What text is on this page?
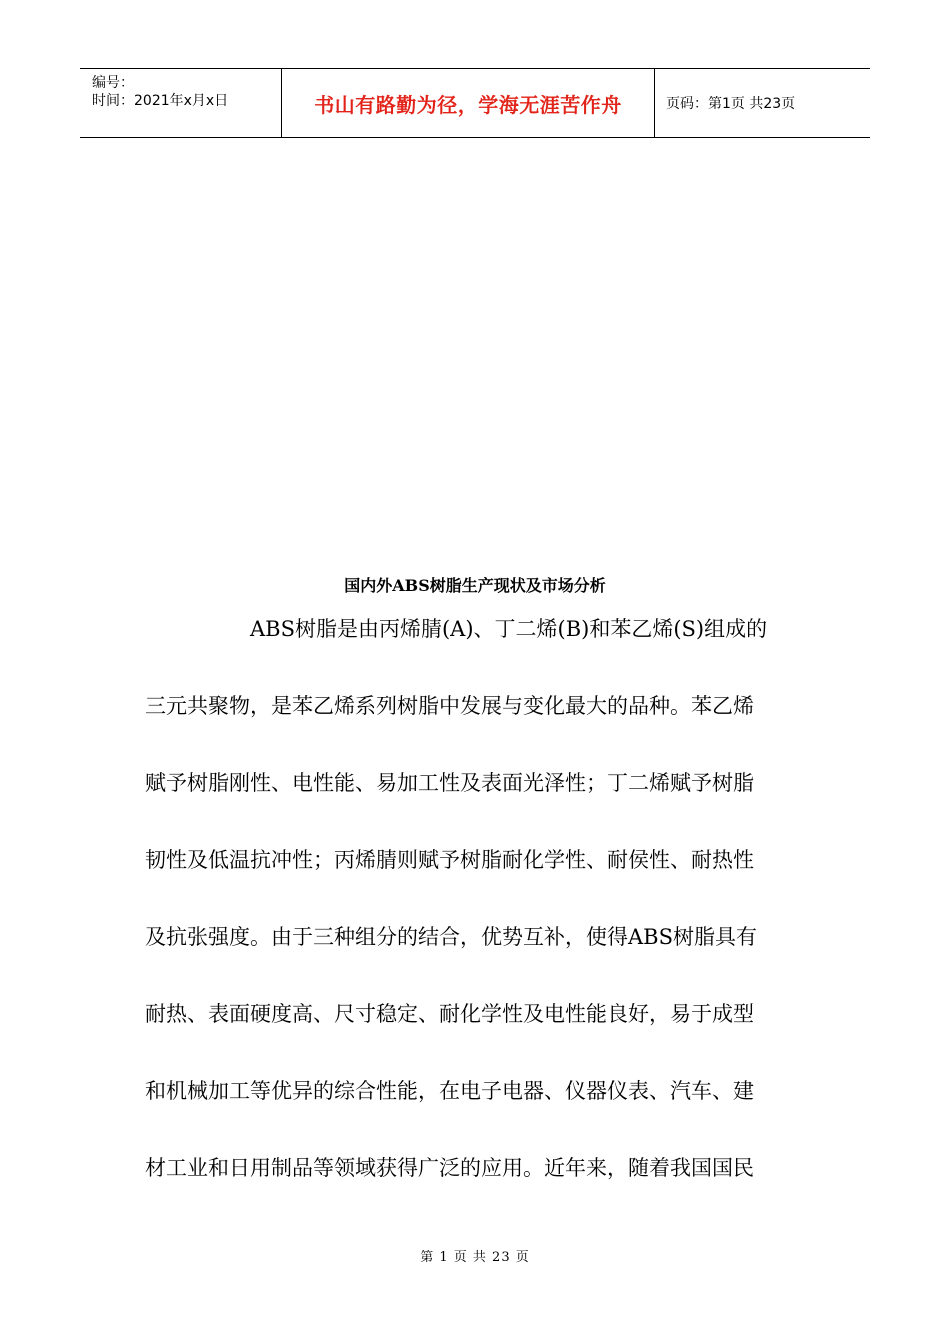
编号：
时间：2021年x月x日	书山有路勤为径，学海无涯苦作舟	页码：第1页 共23页
国内外ABS树脂生产现状及市场分析
ABS树脂是由丙烯腈(A)、丁二烯(B)和苯乙烯(S)组成的
三元共聚物，是苯乙烯系列树脂中发展与变化最大的品种。苯乙烯
赋予树脂刚性、电性能、易加工性及表面光泽性；丁二烯赋予树脂
韧性及低温抗冲性；丙烯腈则赋予树脂耐化学性、耐侯性、耐热性
及抗张强度。由于三种组分的结合，优势互补，使得ABS树脂具有
耐热、表面硬度高、尺寸稳定、耐化学性及电性能良好，易于成型
和机械加工等优异的综合性能，在电子电器、仪器仪表、汽车、建
材工业和日用制品等领域获得广泛的应用。近年来，随着我国国民
第 1 页 共 23 页
